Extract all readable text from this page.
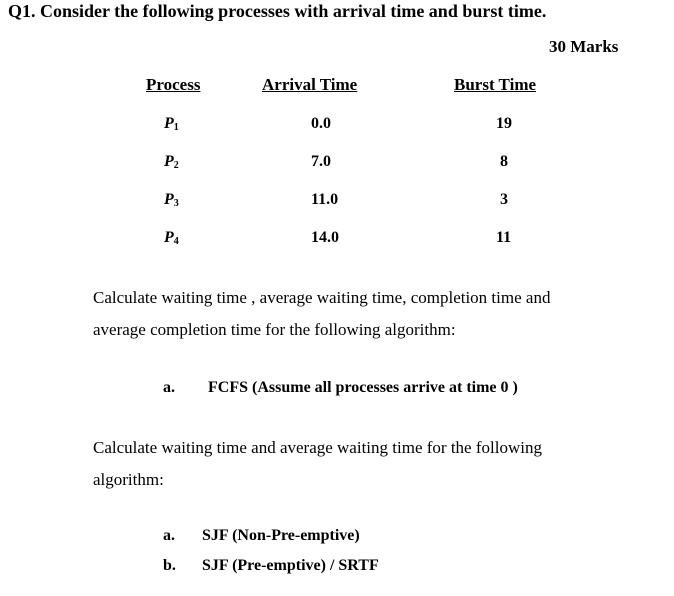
Q1. Consider the following processes with arrival time and burst time.
30 Marks
Process	Arrival Time	Burst Time
$P_1$	0.0	19
$P_2$	7.0	8
$P_3$	11.0	3
$P_4$	14.0	11
Calculate waiting time , average waiting time, completion time and
average completion time for the following algorithm:
a. FCFS (Assume all processes arrive at time 0 )
Calculate waiting time and average waiting time for the following
algorithm:
a. SJF (Non-Pre-emptive)
b. SJF (Pre-emptive) / SRTF
